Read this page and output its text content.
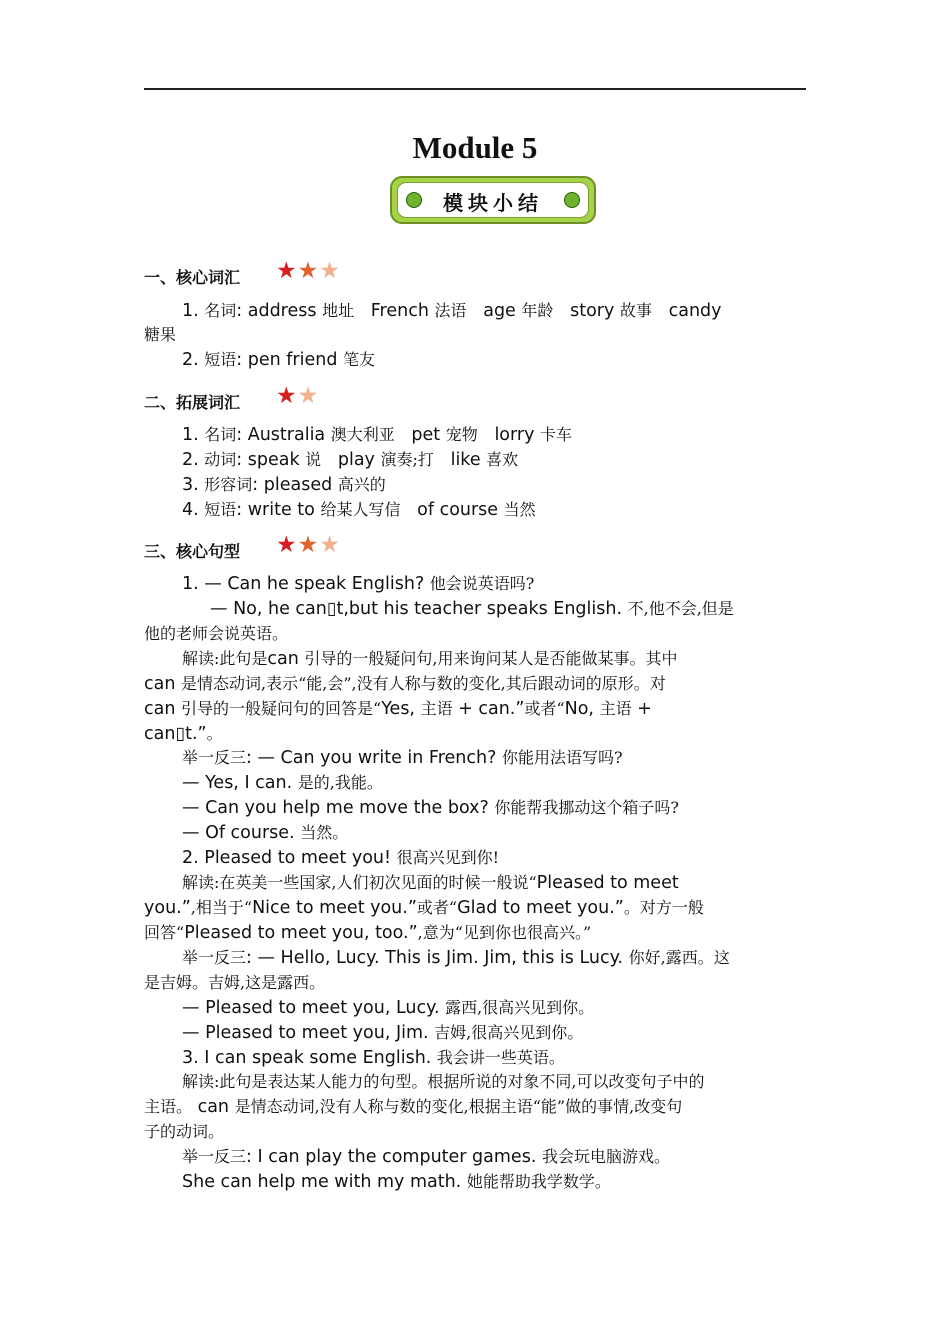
Module 5
模块小结
一、核心词汇 ★ ★ ★
1. 名词: address 地址   French 法语   age 年龄   story 故事   candy
糖果
2. 短语: pen friend 笔友
二、拓展词汇 ★ ★
1. 名词: Australia 澳大利亚   pet 宠物   lorry 卡车
2. 动词: speak 说   play 演奏;打   like 喜欢
3. 形容词: pleased 高兴的
4. 短语: write to 给某人写信   of course 当然
三、核心句型 ★ ★ ★
1. — Can he speak English? 他会说英语吗?
— No, he can▯t,but his teacher speaks English. 不,他不会,但是
他的老师会说英语。
解读:此句是can 引导的一般疑问句,用来询问某人是否能做某事。其中
can 是情态动词,表示“能,会”,没有人称与数的变化,其后跟动词的原形。对
can 引导的一般疑问句的回答是“Yes, 主语 + can.”或者“No, 主语 +
can▯t.”。
举一反三: — Can you write in French? 你能用法语写吗?
— Yes, I can. 是的,我能。
— Can you help me move the box? 你能帮我挪动这个箱子吗?
— Of course. 当然。
2. Pleased to meet you! 很高兴见到你!
解读:在英美一些国家,人们初次见面的时候一般说“Pleased to meet
you.”,相当于“Nice to meet you.”或者“Glad to meet you.”。对方一般
回答“Pleased to meet you, too.”,意为“见到你也很高兴。”
举一反三: — Hello, Lucy. This is Jim. Jim, this is Lucy. 你好,露西。这
是吉姆。吉姆,这是露西。
— Pleased to meet you, Lucy. 露西,很高兴见到你。
— Pleased to meet you, Jim. 吉姆,很高兴见到你。
3. I can speak some English. 我会讲一些英语。
解读:此句是表达某人能力的句型。根据所说的对象不同,可以改变句子中的
主语。 can 是情态动词,没有人称与数的变化,根据主语“能”做的事情,改变句
子的动词。
举一反三: I can play the computer games. 我会玩电脑游戏。
She can help me with my math. 她能帮助我学数学。
